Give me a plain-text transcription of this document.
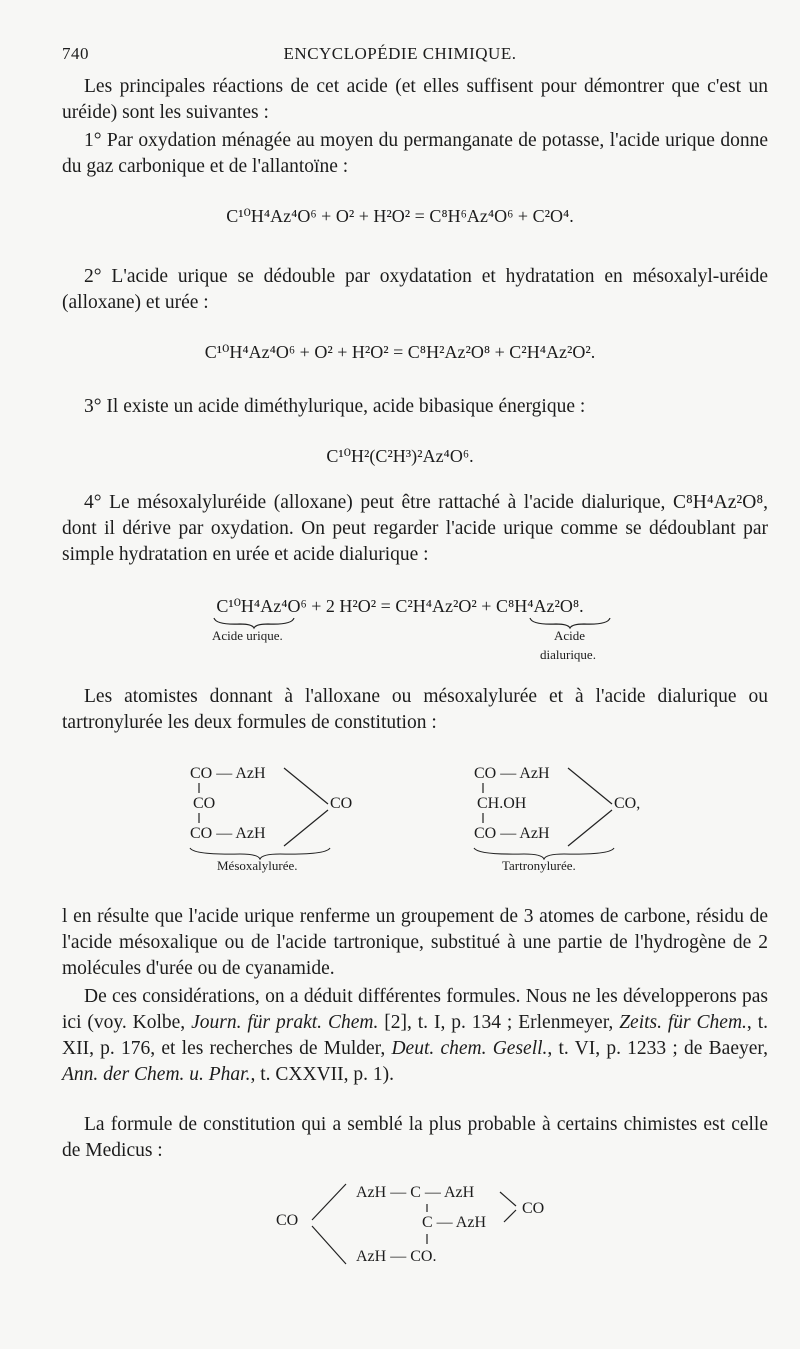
740	ENCYCLOPÉDIE CHIMIQUE.
Les principales réactions de cet acide (et elles suffisent pour démontrer que c'est un uréide) sont les suivantes :
1° Par oxydation ménagée au moyen du permanganate de potasse, l'acide urique donne du gaz carbonique et de l'allantoïne :
C¹⁰H⁴Az⁴O⁶ + O² + H²O² = C⁸H⁶Az⁴O⁶ + C²O⁴.
2° L'acide urique se dédouble par oxydatation et hydratation en mésoxalyl-uréide (alloxane) et urée :
C¹⁰H⁴Az⁴O⁶ + O² + H²O² = C⁸H²Az²O⁸ + C²H⁴Az²O².
3° Il existe un acide diméthylurique, acide bibasique énergique :
C¹⁰H²(C²H³)²Az⁴O⁶.
4° Le mésoxalyluréide (alloxane) peut être rattaché à l'acide dialurique, C⁸H⁴Az²O⁸, dont il dérive par oxydation. On peut regarder l'acide urique comme se dédoublant par simple hydratation en urée et acide dialurique :
C¹⁰H⁴Az⁴O⁶ + 2 H²O² = C²H⁴Az²O² + C⁸H⁴Az²O⁸.
Acide urique.	Acide
dialurique.
Les atomistes donnant à l'alloxane ou mésoxalylurée et à l'acide dialurique ou tartronylurée les deux formules de constitution :
CO — AzH
CO
CO — AzH
CO
Mésoxalylurée.
CO — AzH
CH.OH
CO — AzH
CO,
Tartronylurée.
l en résulte que l'acide urique renferme un groupement de 3 atomes de carbone, résidu de l'acide mésoxalique ou de l'acide tartronique, substitué à une partie de l'hydrogène de 2 molécules d'urée ou de cyanamide.
De ces considérations, on a déduit différentes formules. Nous ne les développerons pas ici (voy. Kolbe, Journ. für prakt. Chem. [2], t. I, p. 134 ; Erlenmeyer, Zeits. für Chem., t. XII, p. 176, et les recherches de Mulder, Deut. chem. Gesell., t. VI, p. 1233 ; de Baeyer, Ann. der Chem. u. Phar., t. CXXVII, p. 1).
La formule de constitution qui a semblé la plus probable à certains chimistes est celle de Medicus :
CO
AzH — C — AzH
C — AzH
AzH — CO.
CO
